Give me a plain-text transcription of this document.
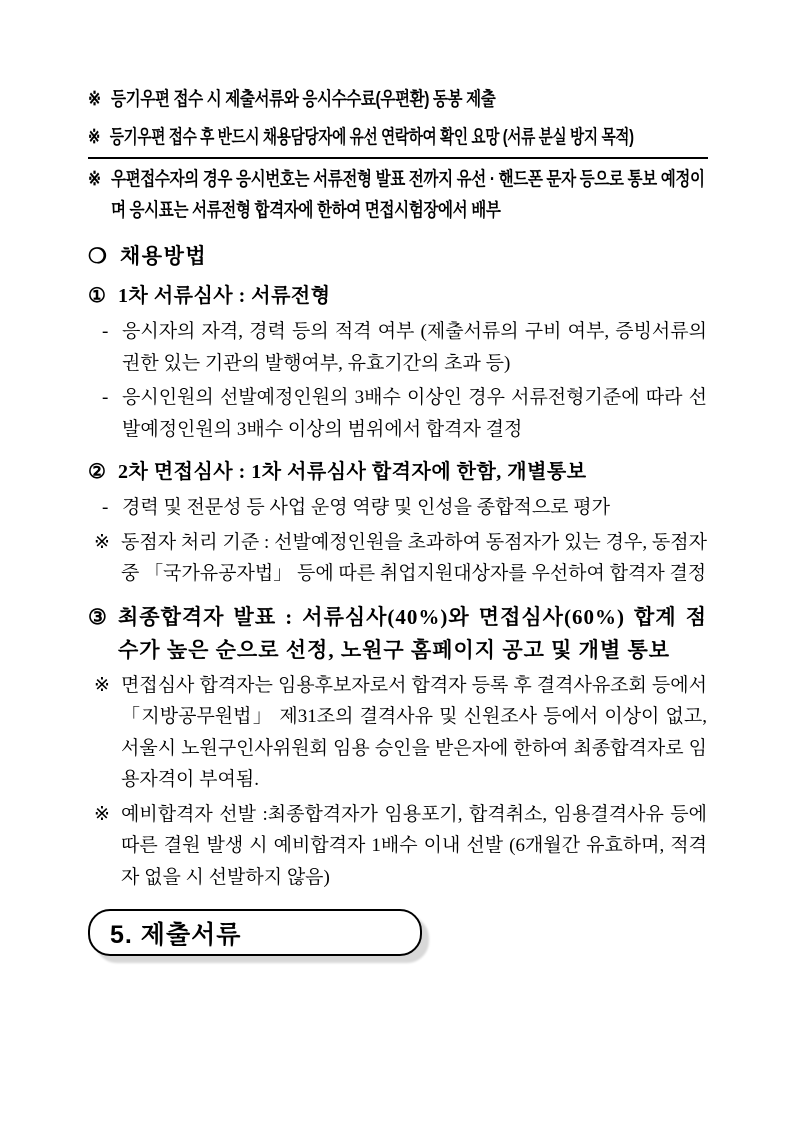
※ 등기우편 접수 시 제출서류와 응시수수료(우편환) 동봉 제출
※ 등기우편 접수 후 반드시 채용담당자에 유선 연락하여 확인 요망 (서류 분실 방지 목적)
※ 우편접수자의 경우 응시번호는 서류전형 발표 전까지 유선 · 핸드폰 문자 등으로 통보 예정이며 응시표는 서류전형 합격자에 한하여 면접시험장에서 배부
❍ 채용방법
① 1차 서류심사 : 서류전형
- 응시자의 자격, 경력 등의 적격 여부 (제출서류의 구비 여부, 증빙서류의 권한 있는 기관의 발행여부, 유효기간의 초과 등)
- 응시인원의 선발예정인원의 3배수 이상인 경우 서류전형기준에 따라 선발예정인원의 3배수 이상의 범위에서 합격자 결정
② 2차 면접심사 : 1차 서류심사 합격자에 한함, 개별통보
- 경력 및 전문성 등 사업 운영 역량 및 인성을 종합적으로 평가
※ 동점자 처리 기준 : 선발예정인원을 초과하여 동점자가 있는 경우, 동점자 중 「국가유공자법」 등에 따른 취업지원대상자를 우선하여 합격자 결정
③ 최종합격자 발표 : 서류심사(40%)와 면접심사(60%) 합계 점수가 높은 순으로 선정, 노원구 홈페이지 공고 및 개별 통보
※ 면접심사 합격자는 임용후보자로서 합격자 등록 후 결격사유조회 등에서 「지방공무원법」 제31조의 결격사유 및 신원조사 등에서 이상이 없고, 서울시 노원구인사위원회 임용 승인을 받은자에 한하여 최종합격자로 임용자격이 부여됨.
※ 예비합격자 선발 :최종합격자가 임용포기, 합격취소, 임용결격사유 등에 따른 결원 발생 시 예비합격자 1배수 이내 선발 (6개월간 유효하며, 적격자 없을 시 선발하지 않음)
5. 제출서류
